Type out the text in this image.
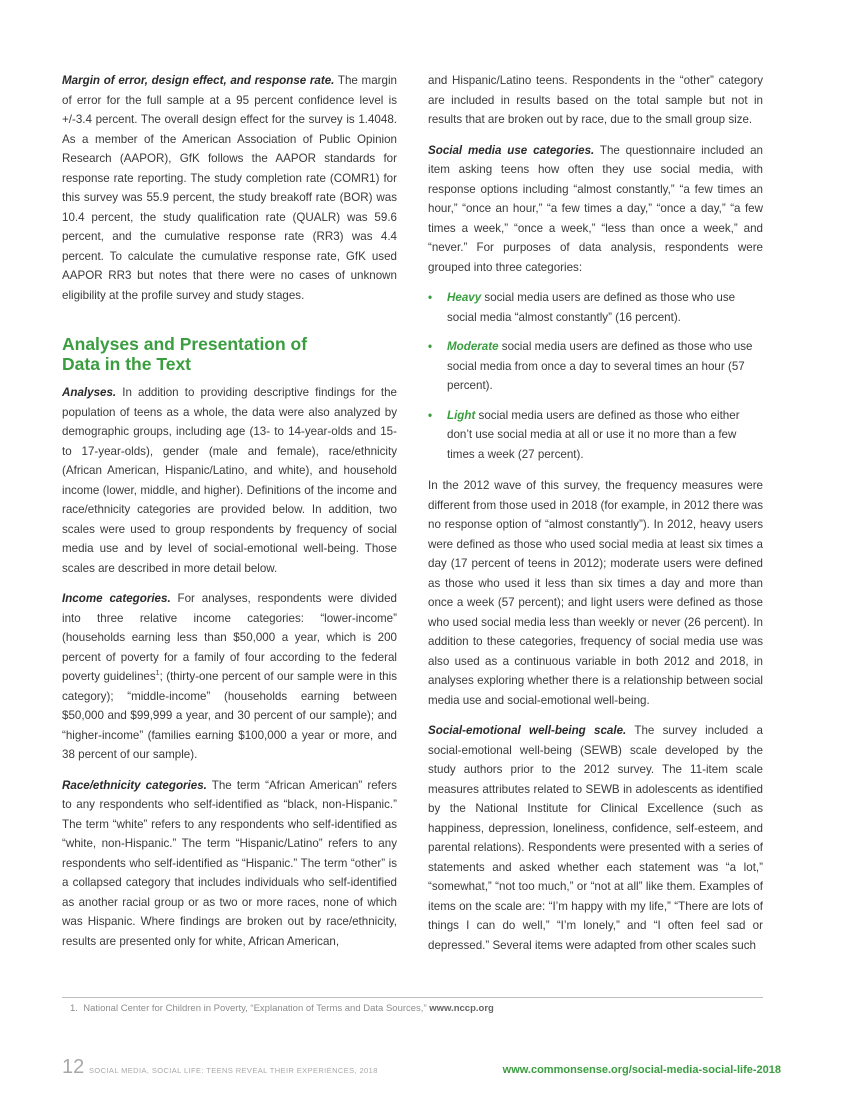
Margin of error, design effect, and response rate. The margin of error for the full sample at a 95 percent confidence level is +/-3.4 percent. The overall design effect for the survey is 1.4048. As a member of the American Association of Public Opinion Research (AAPOR), GfK follows the AAPOR standards for response rate reporting. The study completion rate (COMR1) for this survey was 55.9 percent, the study breakoff rate (BOR) was 10.4 percent, the study qualification rate (QUALR) was 59.6 percent, and the cumulative response rate (RR3) was 4.4 percent. To calculate the cumulative response rate, GfK used AAPOR RR3 but notes that there were no cases of unknown eligibility at the profile survey and study stages.

Analyses and Presentation of
Data in the Text

Analyses. In addition to providing descriptive findings for the population of teens as a whole, the data were also analyzed by demographic groups, including age (13- to 14-year-olds and 15- to 17-year-olds), gender (male and female), race/ethnicity (African American, Hispanic/Latino, and white), and household income (lower, middle, and higher). Definitions of the income and race/ethnicity categories are provided below. In addition, two scales were used to group respondents by frequency of social media use and by level of social-emotional well-being. Those scales are described in more detail below.

Income categories. For analyses, respondents were divided into three relative income categories: “lower-income” (households earning less than $50,000 a year, which is 200 percent of poverty for a family of four according to the federal poverty guidelines$^1$; (thirty-one percent of our sample were in this category); “middle-income” (households earning between $50,000 and $99,999 a year, and 30 percent of our sample); and “higher-income” (families earning $100,000 a year or more, and 38 percent of our sample).

Race/ethnicity categories. The term “African American” refers to any respondents who self-identified as “black, non-Hispanic.” The term “white” refers to any respondents who self-identified as “white, non-Hispanic.” The term “Hispanic/Latino” refers to any respondents who self-identified as “Hispanic.” The term “other” is a collapsed category that includes individuals who self-identified as another racial group or as two or more races, none of which was Hispanic. Where findings are broken out by race/ethnicity, results are presented only for white, African American,

and Hispanic/Latino teens. Respondents in the “other” category are included in results based on the total sample but not in results that are broken out by race, due to the small group size.

Social media use categories. The questionnaire included an item asking teens how often they use social media, with response options including “almost constantly,” “a few times an hour,” “once an hour,” “a few times a day,” “once a day,” “a few times a week,” “once a week,” “less than once a week,” and “never.” For purposes of data analysis, respondents were grouped into three categories:

• Heavy social media users are defined as those who use social media “almost constantly” (16 percent).
• Moderate social media users are defined as those who use social media from once a day to several times an hour (57 percent).
• Light social media users are defined as those who either don’t use social media at all or use it no more than a few times a week (27 percent).

In the 2012 wave of this survey, the frequency measures were different from those used in 2018 (for example, in 2012 there was no response option of “almost constantly”). In 2012, heavy users were defined as those who used social media at least six times a day (17 percent of teens in 2012); moderate users were defined as those who used it less than six times a day and more than once a week (57 percent); and light users were defined as those who used social media less than weekly or never (26 percent). In addition to these categories, frequency of social media use was also used as a continuous variable in both 2012 and 2018, in analyses exploring whether there is a relationship between social media use and social-emotional well-being.

Social-emotional well-being scale. The survey included a social-emotional well-being (SEWB) scale developed by the study authors prior to the 2012 survey. The 11-item scale measures attributes related to SEWB in adolescents as identified by the National Institute for Clinical Excellence (such as happiness, depression, loneliness, confidence, self-esteem, and parental relations). Respondents were presented with a series of statements and asked whether each statement was “a lot,” “somewhat,” “not too much,” or “not at all” like them. Examples of items on the scale are: “I’m happy with my life,” “There are lots of things I can do well,” “I’m lonely,” and “I often feel sad or depressed.” Several items were adapted from other scales such

1. National Center for Children in Poverty, “Explanation of Terms and Data Sources,” www.nccp.org
12 SOCIAL MEDIA, SOCIAL LIFE: TEENS REVEAL THEIR EXPERIENCES, 2018	www.commonsense.org/social-media-social-life-2018
